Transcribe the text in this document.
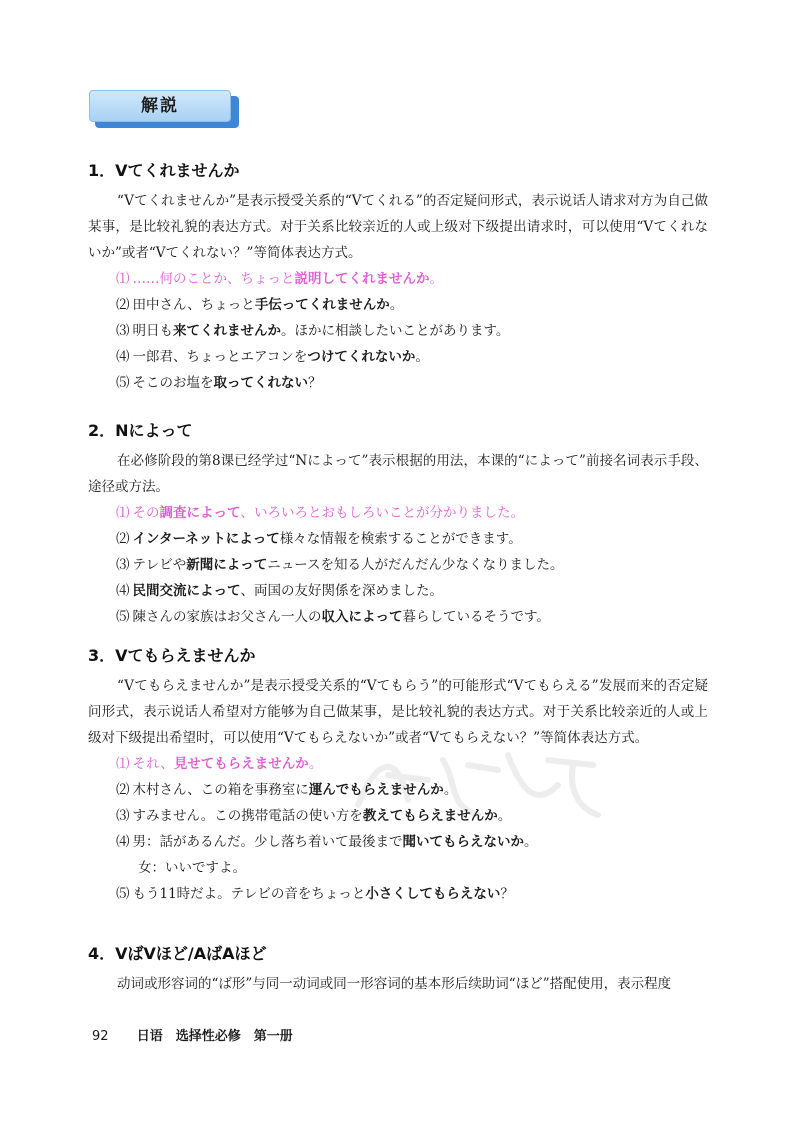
解説
1．Vてくれませんか

“Vてくれませんか”是表示授受关系的“Vてくれる”的否定疑问形式，表示说话人请求对方为自己做某事，是比较礼貌的表达方式。对于关系比较亲近的人或上级对下级提出请求时，可以使用“Vてくれないか”或者“Vてくれない？”等简体表达方式。

⑴ ……何のことか、ちょっと説明してくれませんか。
⑵ 田中さん、ちょっと手伝ってくれませんか。
⑶ 明日も来てくれませんか。ほかに相談したいことがあります。
⑷ 一郎君、ちょっとエアコンをつけてくれないか。
⑸ そこのお塩を取ってくれない？
2．Nによって

在必修阶段的第8课已经学过“Nによって”表示根据的用法，本课的“によって”前接名词表示手段、途径或方法。

⑴ その調査によって、いろいろとおもしろいことが分かりました。
⑵ インターネットによって様々な情報を検索することができます。
⑶ テレビや新聞によってニュースを知る人がだんだん少なくなりました。
⑷ 民間交流によって、両国の友好関係を深めました。
⑸ 陳さんの家族はお父さん一人の収入によって暮らしているそうです。
3．Vてもらえませんか

“Vてもらえませんか”是表示授受关系的“Vてもらう”的可能形式“Vてもらえる”发展而来的否定疑问形式，表示说话人希望对方能够为自己做某事，是比较礼貌的表达方式。对于关系比较亲近的人或上级对下级提出希望时，可以使用“Vてもらえないか”或者“Vてもらえない？”等简体表达方式。

⑴ それ、見せてもらえませんか。
⑵ 木村さん、この箱を事務室に運んでもらえませんか。
⑶ すみません。この携帯電話の使い方を教えてもらえませんか。
⑷ 男：話があるんだ。少し落ち着いて最後まで聞いてもらえないか。
女：いいですよ。
⑸ もう11時だよ。テレビの音をちょっと小さくしてもらえない？
4．VばVほど/AばAほど

动词或形容词的“ば形”与同一动词或同一形容词的基本形后续助词“ほど”搭配使用，表示程度

92 日语　选择性必修　第一册
